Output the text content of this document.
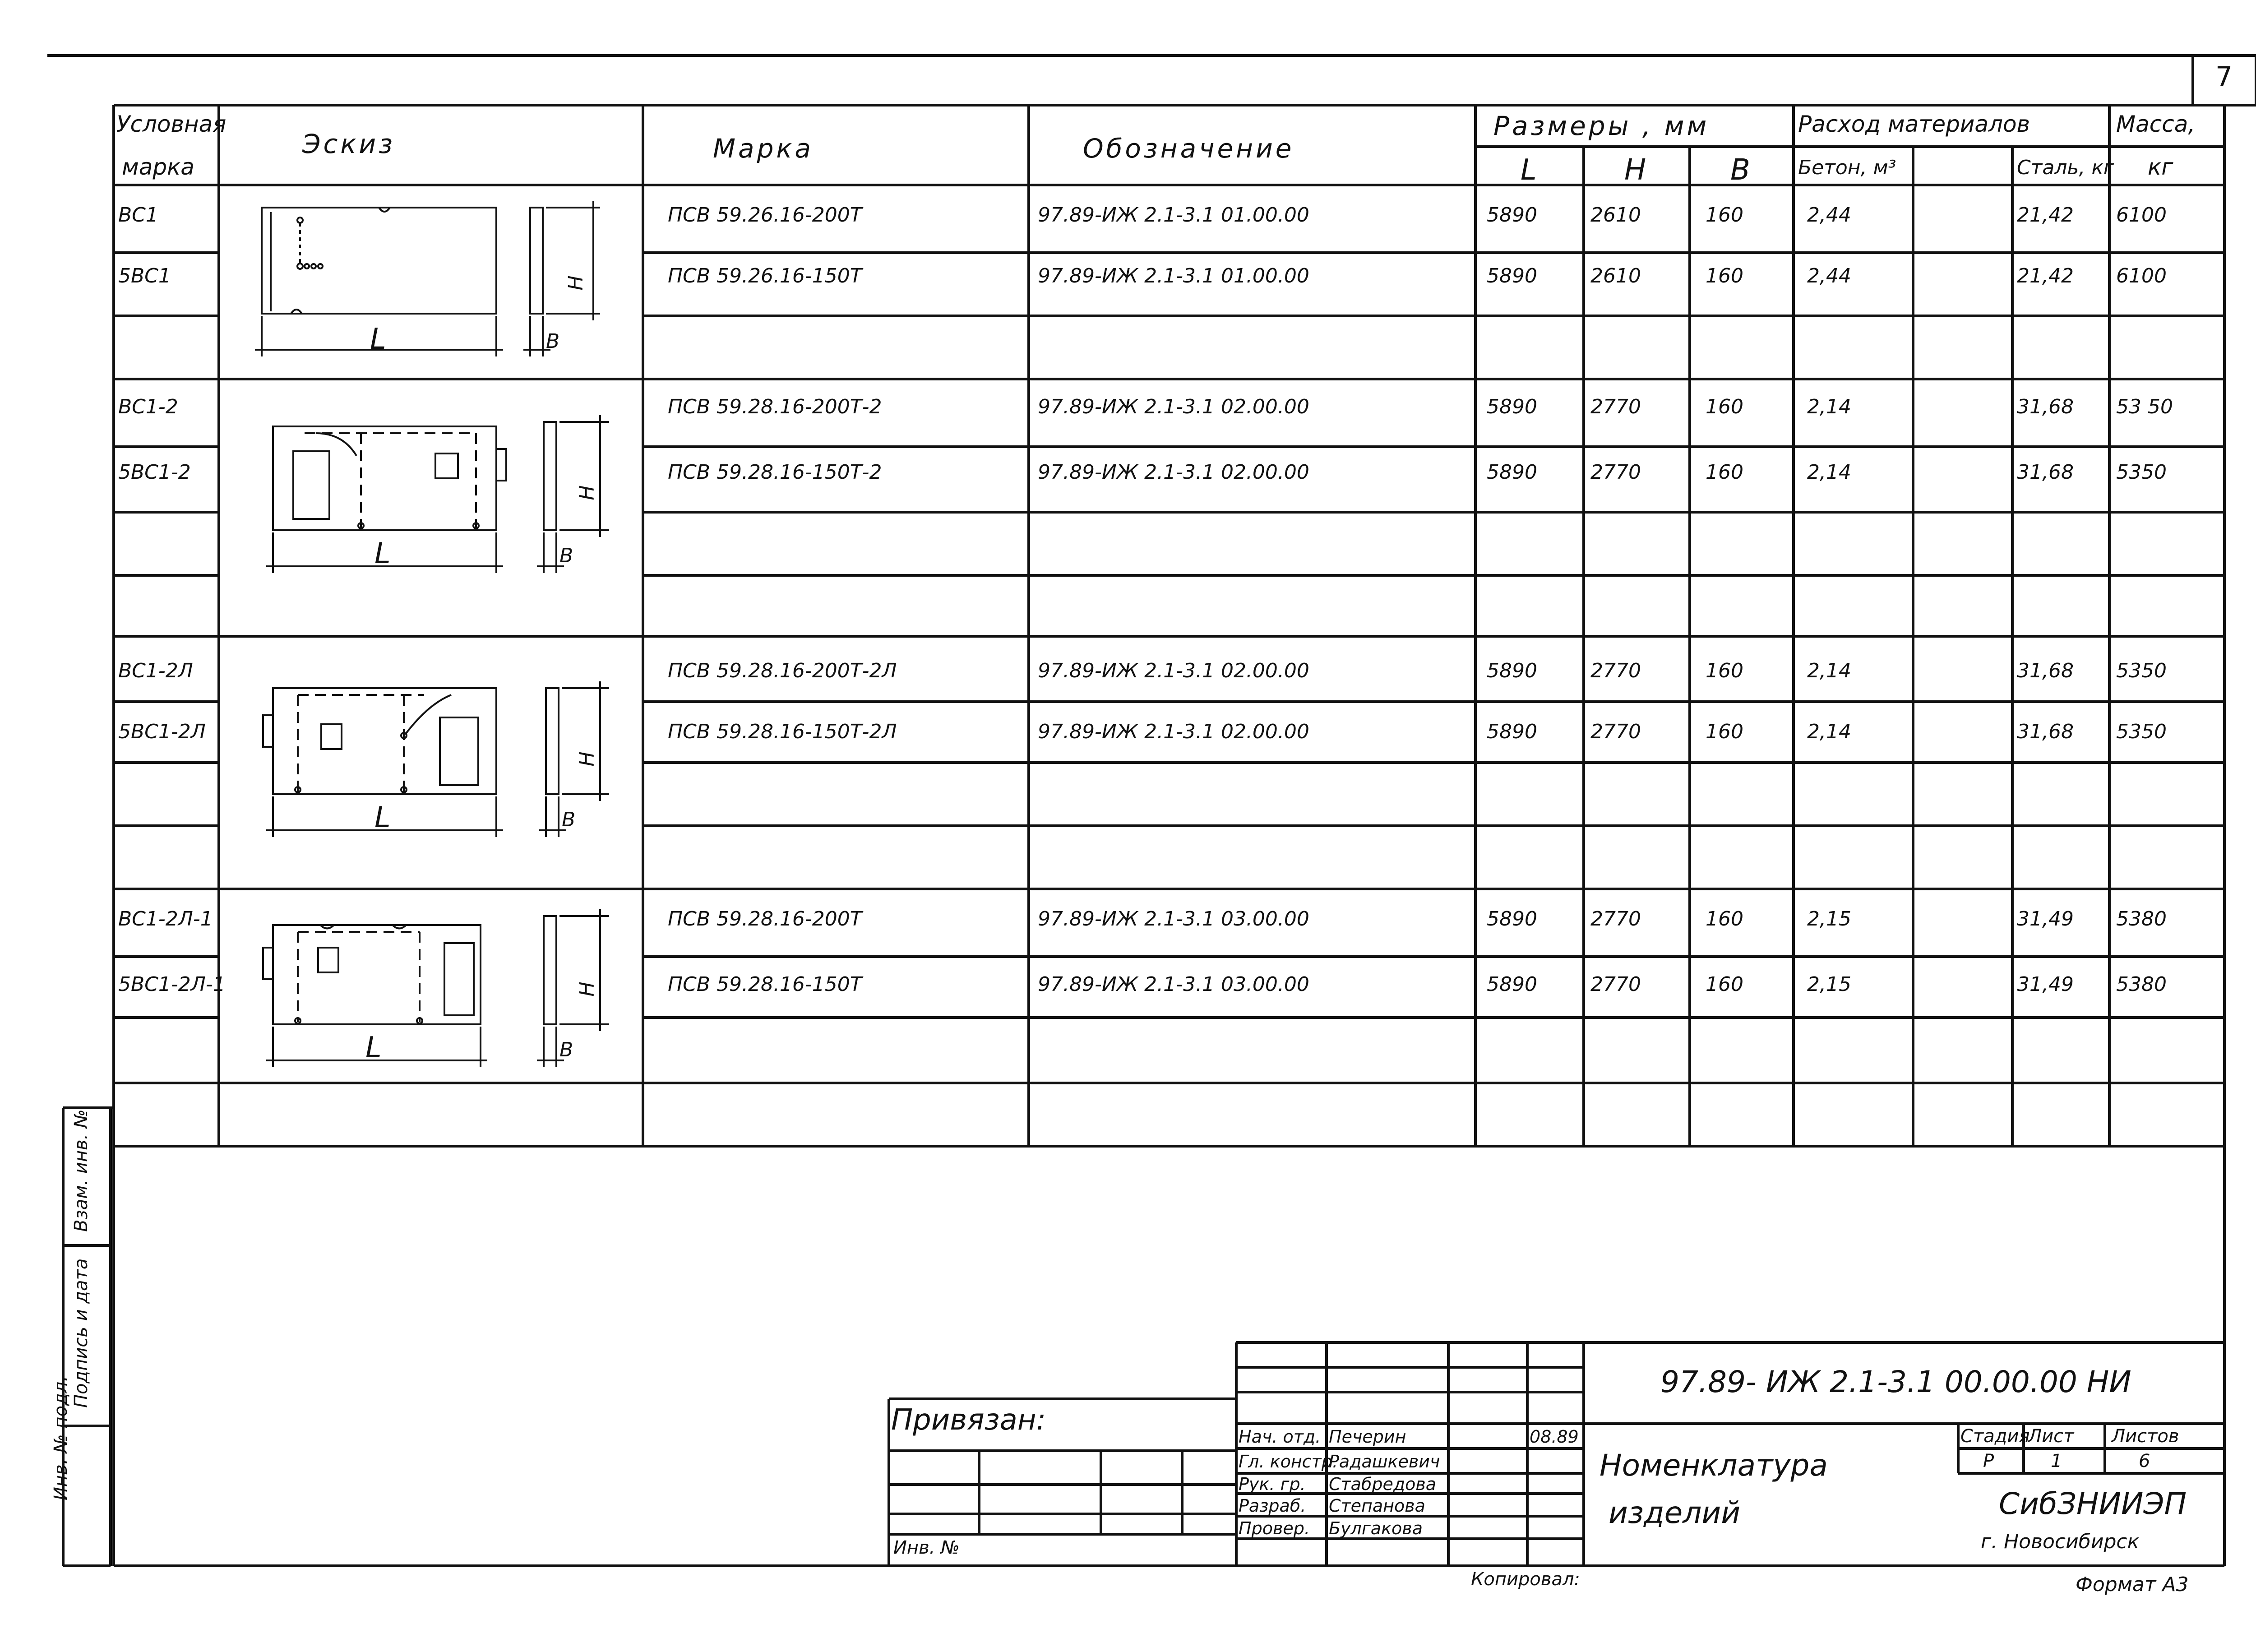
7
Условная
марка
Эскиз	Марка	Обозначение
Размеры , мм
L	H	B
Расход материалов
Бетон, м³	Сталь, кг
Масса,
кг
L
H
B
L
H
B
L
H
B
L
H
B
ВС1	ПСВ 59.26.16-200Т	97.89-ИЖ 2.1-3.1 01.00.00	5890	2610	160	2,44	21,42 6100
5ВС1	ПСВ 59.26.16-150Т	97.89-ИЖ 2.1-3.1 01.00.00	5890	2610	160	2,44	21,42 6100
ВС1-2	ПСВ 59.28.16-200Т-2	97.89-ИЖ 2.1-3.1 02.00.00	5890	2770	160	2,14	31,68 53 50
5ВС1-2	ПСВ 59.28.16-150Т-2	97.89-ИЖ 2.1-3.1 02.00.00	5890	2770	160	2,14	31,68 5350
ВС1-2Л	ПСВ 59.28.16-200Т-2Л	97.89-ИЖ 2.1-3.1 02.00.00	5890	2770	160	2,14	31,68 5350
5ВС1-2Л	ПСВ 59.28.16-150Т-2Л	97.89-ИЖ 2.1-3.1 02.00.00	5890	2770	160	2,14	31,68 5350
ВС1-2Л-1	ПСВ 59.28.16-200Т	97.89-ИЖ 2.1-3.1 03.00.00	5890	2770	160	2,15	31,49 5380
5ВС1-2Л-1	ПСВ 59.28.16-150Т	97.89-ИЖ 2.1-3.1 03.00.00	5890	2770	160	2,15	31,49 5380
Инв. № подл.
Подпись и дата
Взам. инв. №
Привязан:
Инв. №
97.89- ИЖ 2.1-3.1 00.00.00 НИ
Номенклатура
изделий
Нач. отд. Печерин	08.89
Гл. констр.
Радашкевич
Рук. гр. Стабредова
Разраб. Степанова
Провер. Булгакова
Стадия
Лист Листов
Р	1	6
СибЗНИИЭП
г. Новосибирск
Копировал:	Формат А3
